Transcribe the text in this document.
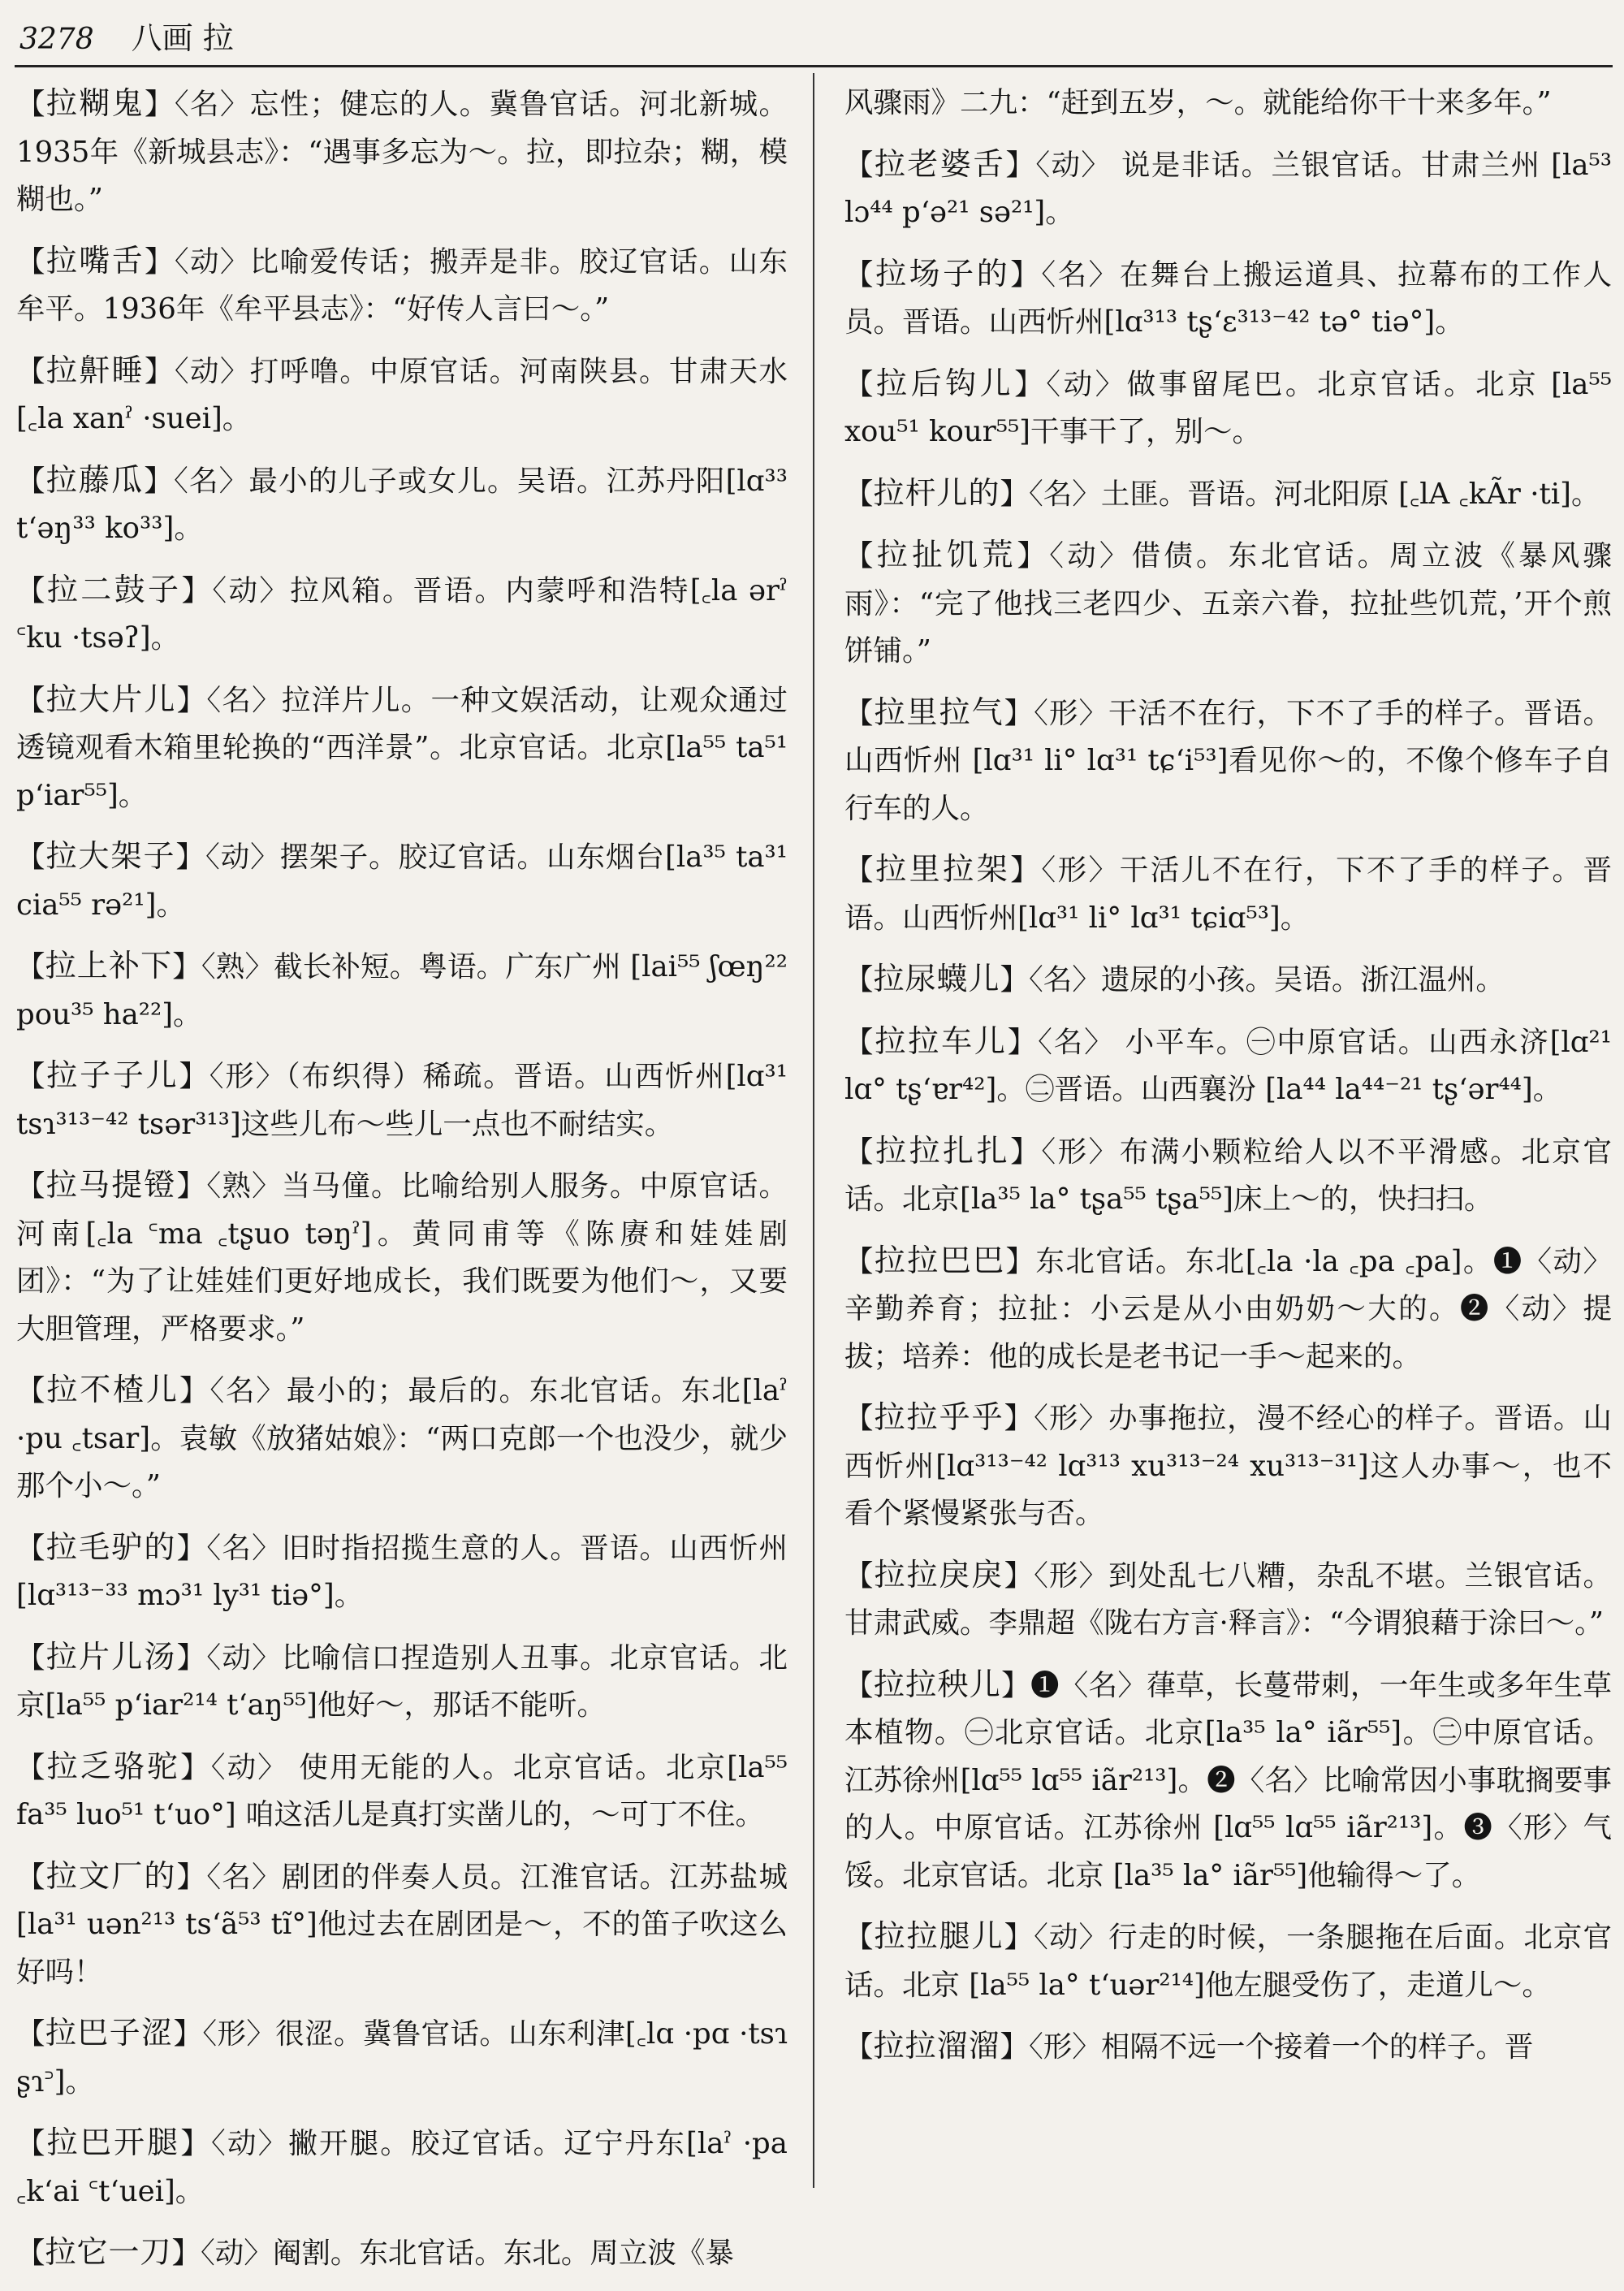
3278 八画 拉
【拉糊鬼】〈名〉忘性；健忘的人。冀鲁官话。河北新城。1935年《新城县志》：“遇事多忘为～。拉，即拉杂；糊，模糊也。”
【拉嘴舌】〈动〉比喻爱传话；搬弄是非。胶辽官话。山东牟平。1936年《牟平县志》：“好传人言曰～。”
【拉鼾睡】〈动〉打呼噜。中原官话。河南陕县。甘肃天水[꜀la xanˀ ·suei]。
【拉藤瓜】〈名〉最小的儿子或女儿。吴语。江苏丹阳[lɑ³³ t‘əŋ³³ ko³³]。
【拉二鼓子】〈动〉拉风箱。晋语。内蒙呼和浩特[꜀la ərˀ ꜂ku ·tsəʔ]。
【拉大片儿】〈名〉拉洋片儿。一种文娱活动，让观众通过透镜观看木箱里轮换的“西洋景”。北京官话。北京[la⁵⁵ ta⁵¹ p‘iar⁵⁵]。
【拉大架子】〈动〉摆架子。胶辽官话。山东烟台[la³⁵ ta³¹ cia⁵⁵ rə²¹]。
【拉上补下】〈熟〉截长补短。粤语。广东广州 [lai⁵⁵ ʃœŋ²² pou³⁵ ha²²]。
【拉子子儿】〈形〉（布织得）稀疏。晋语。山西忻州[lɑ³¹ tsɿ³¹³⁻⁴² tsər³¹³]这些儿布～些儿一点也不耐结实。
【拉马提镫】〈熟〉当马僮。比喻给别人服务。中原官话。河南[꜀la ꜂ma ꜀tʂuo təŋˀ]。黄同甫等《陈赓和娃娃剧团》：“为了让娃娃们更好地成长，我们既要为他们～，又要大胆管理，严格要求。”
【拉不楂儿】〈名〉最小的；最后的。东北官话。东北[laˀ ·pu ꜀tsar]。袁敏《放猪姑娘》：“两口克郎一个也没少，就少那个小～。”
【拉毛驴的】〈名〉旧时指招揽生意的人。晋语。山西忻州[lɑ³¹³⁻³³ mɔ³¹ ly³¹ tiə°]。
【拉片儿汤】〈动〉比喻信口捏造别人丑事。北京官话。北京[la⁵⁵ p‘iar²¹⁴ t‘aŋ⁵⁵]他好～，那话不能听。
【拉乏骆驼】〈动〉 使用无能的人。北京官话。北京[la⁵⁵ fa³⁵ luo⁵¹ t‘uo°] 咱这活儿是真打实凿儿的，～可丁不住。
【拉文厂的】〈名〉剧团的伴奏人员。江淮官话。江苏盐城[la³¹ uən²¹³ ts‘ã⁵³ tĩ°]他过去在剧团是～，不的笛子吹这么好吗！
【拉巴子涩】〈形〉很涩。冀鲁官话。山东利津[꜀lɑ ·pɑ ·tsɿ ʂɿ꜄]。
【拉巴开腿】〈动〉撇开腿。胶辽官话。辽宁丹东[laˀ ·pa ꜀k‘ai ꜂t‘uei]。
【拉它一刀】〈动〉阉割。东北官话。东北。周立波《暴
风骤雨》二九：“赶到五岁，～。就能给你干十来多年。”
【拉老婆舌】〈动〉 说是非话。兰银官话。甘肃兰州 [la⁵³ lɔ⁴⁴ p‘ə²¹ sə²¹]。
【拉场子的】〈名〉在舞台上搬运道具、拉幕布的工作人员。晋语。山西忻州[lɑ³¹³ tʂ‘ɛ³¹³⁻⁴² tə° tiə°]。
【拉后钩儿】〈动〉做事留尾巴。北京官话。北京 [la⁵⁵ xou⁵¹ kour⁵⁵]干事干了，别～。
【拉杆儿的】〈名〉土匪。晋语。河北阳原 [꜀lA ꜀kÃr ·ti]。
【拉扯饥荒】〈动〉借债。东北官话。周立波《暴风骤雨》：“完了他找三老四少、五亲六眷，拉扯些饥荒，’开个煎饼铺。”
【拉里拉气】〈形〉干活不在行，下不了手的样子。晋语。山西忻州 [lɑ³¹ li° lɑ³¹ tɕ‘i⁵³]看见你～的，不像个修车子自行车的人。
【拉里拉架】〈形〉干活儿不在行，下不了手的样子。晋语。山西忻州[lɑ³¹ li° lɑ³¹ tɕiɑ⁵³]。
【拉尿蠛儿】〈名〉遗尿的小孩。吴语。浙江温州。
【拉拉车儿】〈名〉 小平车。㊀中原官话。山西永济[lɑ²¹ lɑ° tʂ‘ɐr⁴²]。㊁晋语。山西襄汾 [la⁴⁴ la⁴⁴⁻²¹ tʂ‘ər⁴⁴]。
【拉拉扎扎】〈形〉布满小颗粒给人以不平滑感。北京官话。北京[la³⁵ la° tʂa⁵⁵ tʂa⁵⁵]床上～的，快扫扫。
【拉拉巴巴】东北官话。东北[꜀la ·la ꜀pa ꜀pa]。❶〈动〉辛勤养育；拉扯：小云是从小由奶奶～大的。❷〈动〉提拔；培养：他的成长是老书记一手～起来的。
【拉拉乎乎】〈形〉办事拖拉，漫不经心的样子。晋语。山西忻州[lɑ³¹³⁻⁴² lɑ³¹³ xu³¹³⁻²⁴ xu³¹³⁻³¹]这人办事～，也不看个紧慢紧张与否。
【拉拉戾戾】〈形〉到处乱七八糟，杂乱不堪。兰银官话。甘肃武威。李鼎超《陇右方言·释言》：“今谓狼藉于涂曰～。”
【拉拉秧儿】❶〈名〉葎草，长蔓带刺，一年生或多年生草本植物。㊀北京官话。北京[la³⁵ la° iãr⁵⁵]。㊁中原官话。江苏徐州[lɑ⁵⁵ lɑ⁵⁵ iãr²¹³]。❷〈名〉比喻常因小事耽搁要事的人。中原官话。江苏徐州 [lɑ⁵⁵ lɑ⁵⁵ iãr²¹³]。❸〈形〉气馁。北京官话。北京 [la³⁵ la° iãr⁵⁵]他输得～了。
【拉拉腿儿】〈动〉行走的时候，一条腿拖在后面。北京官话。北京 [la⁵⁵ la° t‘uər²¹⁴]他左腿受伤了，走道儿～。
【拉拉溜溜】〈形〉相隔不远一个接着一个的样子。晋
